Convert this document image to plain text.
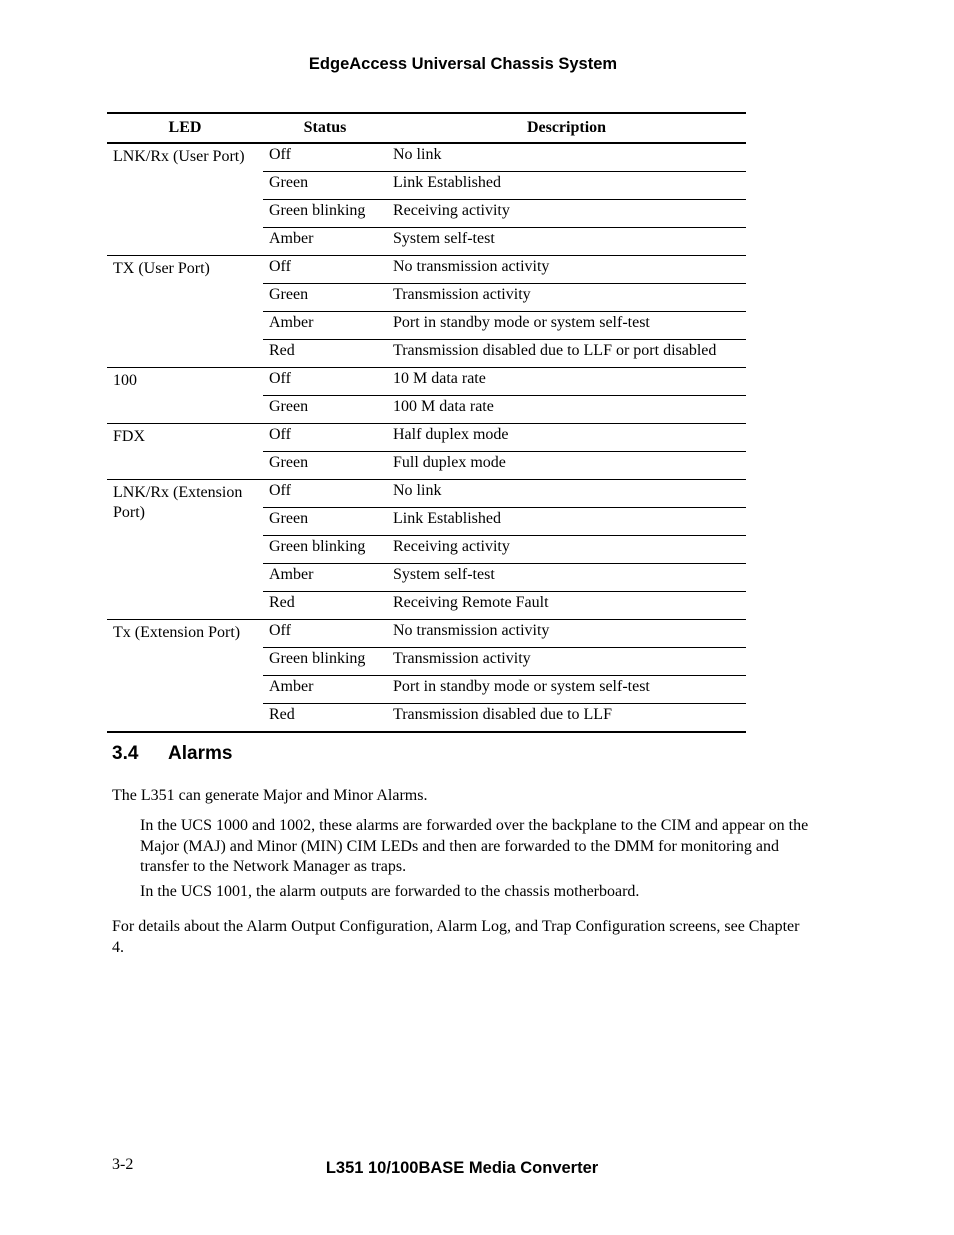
EdgeAccess Universal Chassis System
LED	Status	Description
LNK/Rx (User Port)	Off	No link
	Green	Link Established
	Green blinking	Receiving activity
	Amber	System self-test
TX (User Port)	Off	No transmission activity
	Green	Transmission activity
	Amber	Port in standby mode or system self-test
	Red	Transmission disabled due to LLF or port disabled
100	Off	10 M data rate
	Green	100 M data rate
FDX	Off	Half duplex mode
	Green	Full duplex mode
LNK/Rx (Extension Port)	Off	No link
	Green	Link Established
	Green blinking	Receiving activity
	Amber	System self-test
	Red	Receiving Remote Fault
Tx (Extension Port)	Off	No transmission activity
	Green blinking	Transmission activity
	Amber	Port in standby mode or system self-test
	Red	Transmission disabled due to LLF
3.4 Alarms

The L351 can generate Major and Minor Alarms.

In the UCS 1000 and 1002, these alarms are forwarded over the backplane to the CIM and appear on the Major (MAJ) and Minor (MIN) CIM LEDs and then are forwarded to the DMM for monitoring and transfer to the Network Manager as traps.

In the UCS 1001, the alarm outputs are forwarded to the chassis motherboard.

For details about the Alarm Output Configuration, Alarm Log, and Trap Configuration screens, see Chapter 4.

3-2	L351 10/100BASE Media Converter
